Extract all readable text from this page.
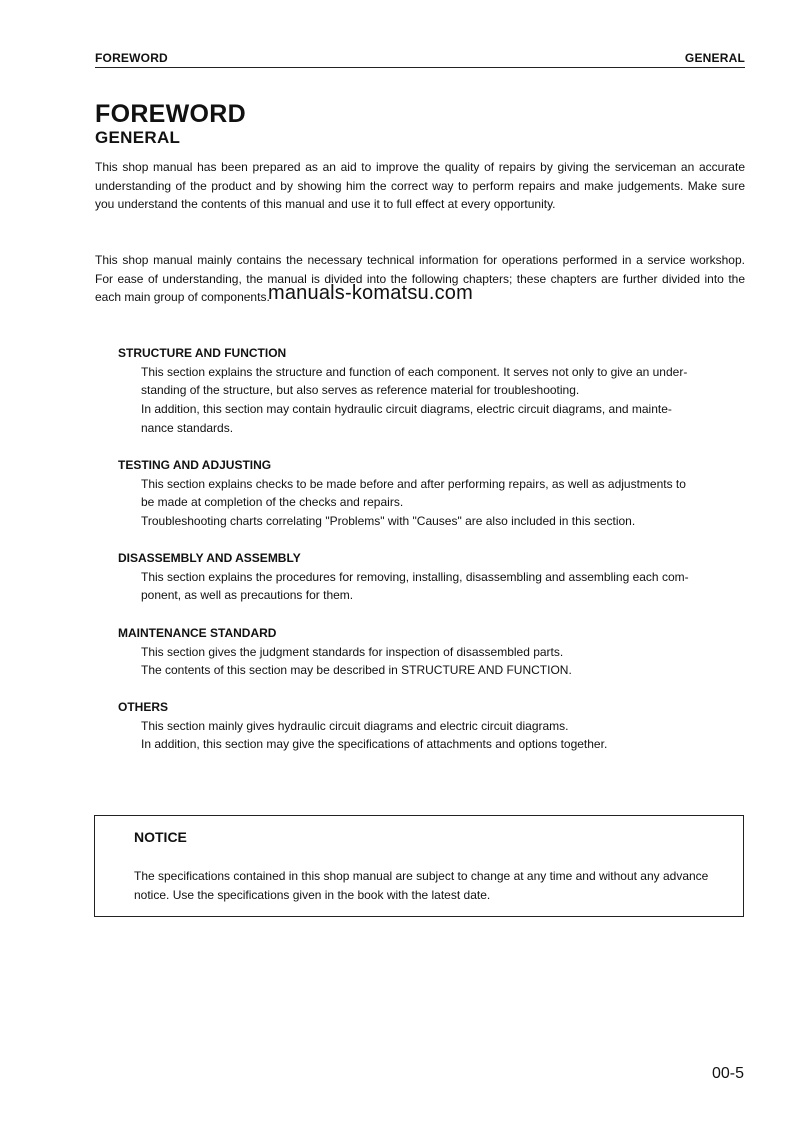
FOREWORD	GENERAL
FOREWORD
GENERAL

This shop manual has been prepared as an aid to improve the quality of repairs by giving the serviceman an accurate understanding of the product and by showing him the correct way to perform repairs and make judgements. Make sure you understand the contents of this manual and use it to full effect at every opportunity.

This shop manual mainly contains the necessary technical information for operations performed in a service workshop. For ease of understanding, the manual is divided into the following chapters; these chapters are further divided into the each main group of components.

manuals-komatsu.com
STRUCTURE AND FUNCTION
This section explains the structure and function of each component. It serves not only to give an under-
standing of the structure, but also serves as reference material for troubleshooting.
In addition, this section may contain hydraulic circuit diagrams, electric circuit diagrams, and mainte-
nance standards.
TESTING AND ADJUSTING
This section explains checks to be made before and after performing repairs, as well as adjustments to
be made at completion of the checks and repairs.
Troubleshooting charts correlating "Problems" with "Causes" are also included in this section.
DISASSEMBLY AND ASSEMBLY
This section explains the procedures for removing, installing, disassembling and assembling each com-
ponent, as well as precautions for them.
MAINTENANCE STANDARD
This section gives the judgment standards for inspection of disassembled parts.
The contents of this section may be described in STRUCTURE AND FUNCTION.
OTHERS
This section mainly gives hydraulic circuit diagrams and electric circuit diagrams.
In addition, this section may give the specifications of attachments and options together.
NOTICE

The specifications contained in this shop manual are subject to change at any time and without any advance notice. Use the specifications given in the book with the latest date.

00-5
